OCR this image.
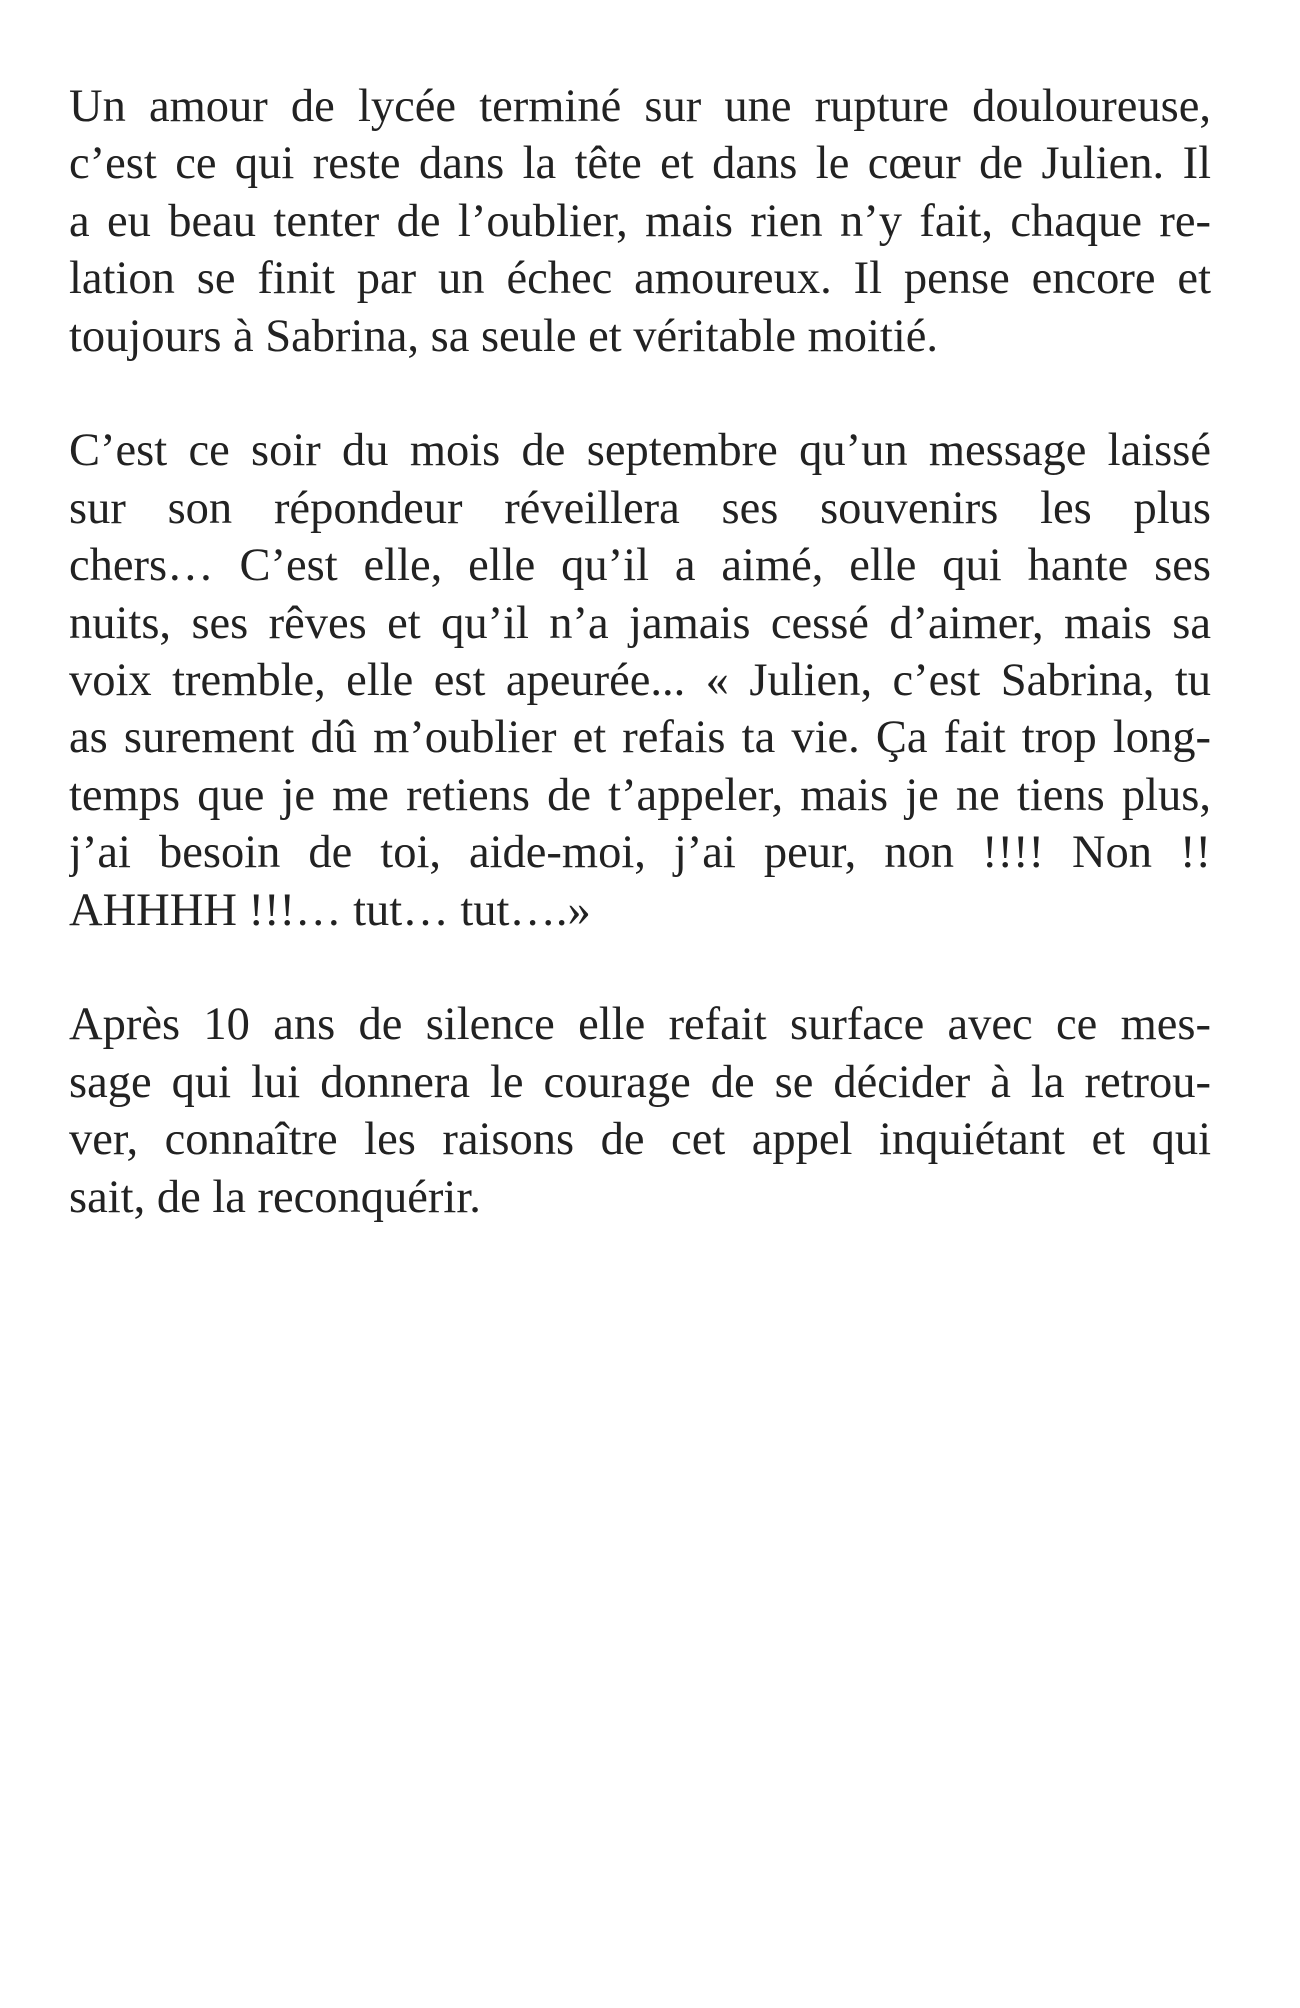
Un amour de lycée terminé sur une rupture douloureuse,
c’est ce qui reste dans la tête et dans le cœur de Julien. Il
a eu beau tenter de l’oublier, mais rien n’y fait, chaque re-
lation se finit par un échec amoureux. Il pense encore et
toujours à Sabrina, sa seule et véritable moitié.
C’est ce soir du mois de septembre qu’un message laissé
sur son répondeur réveillera ses souvenirs les plus
chers… C’est elle, elle qu’il a aimé, elle qui hante ses
nuits, ses rêves et qu’il n’a jamais cessé d’aimer, mais sa
voix tremble, elle est apeurée... « Julien, c’est Sabrina, tu
as surement dû m’oublier et refais ta vie. Ça fait trop long-
temps que je me retiens de t’appeler, mais je ne tiens plus,
j’ai besoin de toi, aide-moi, j’ai peur, non !!!! Non !!
AHHHH !!!… tut… tut….»
Après 10 ans de silence elle refait surface avec ce mes-
sage qui lui donnera le courage de se décider à la retrou-
ver, connaître les raisons de cet appel inquiétant et qui
sait, de la reconquérir.
